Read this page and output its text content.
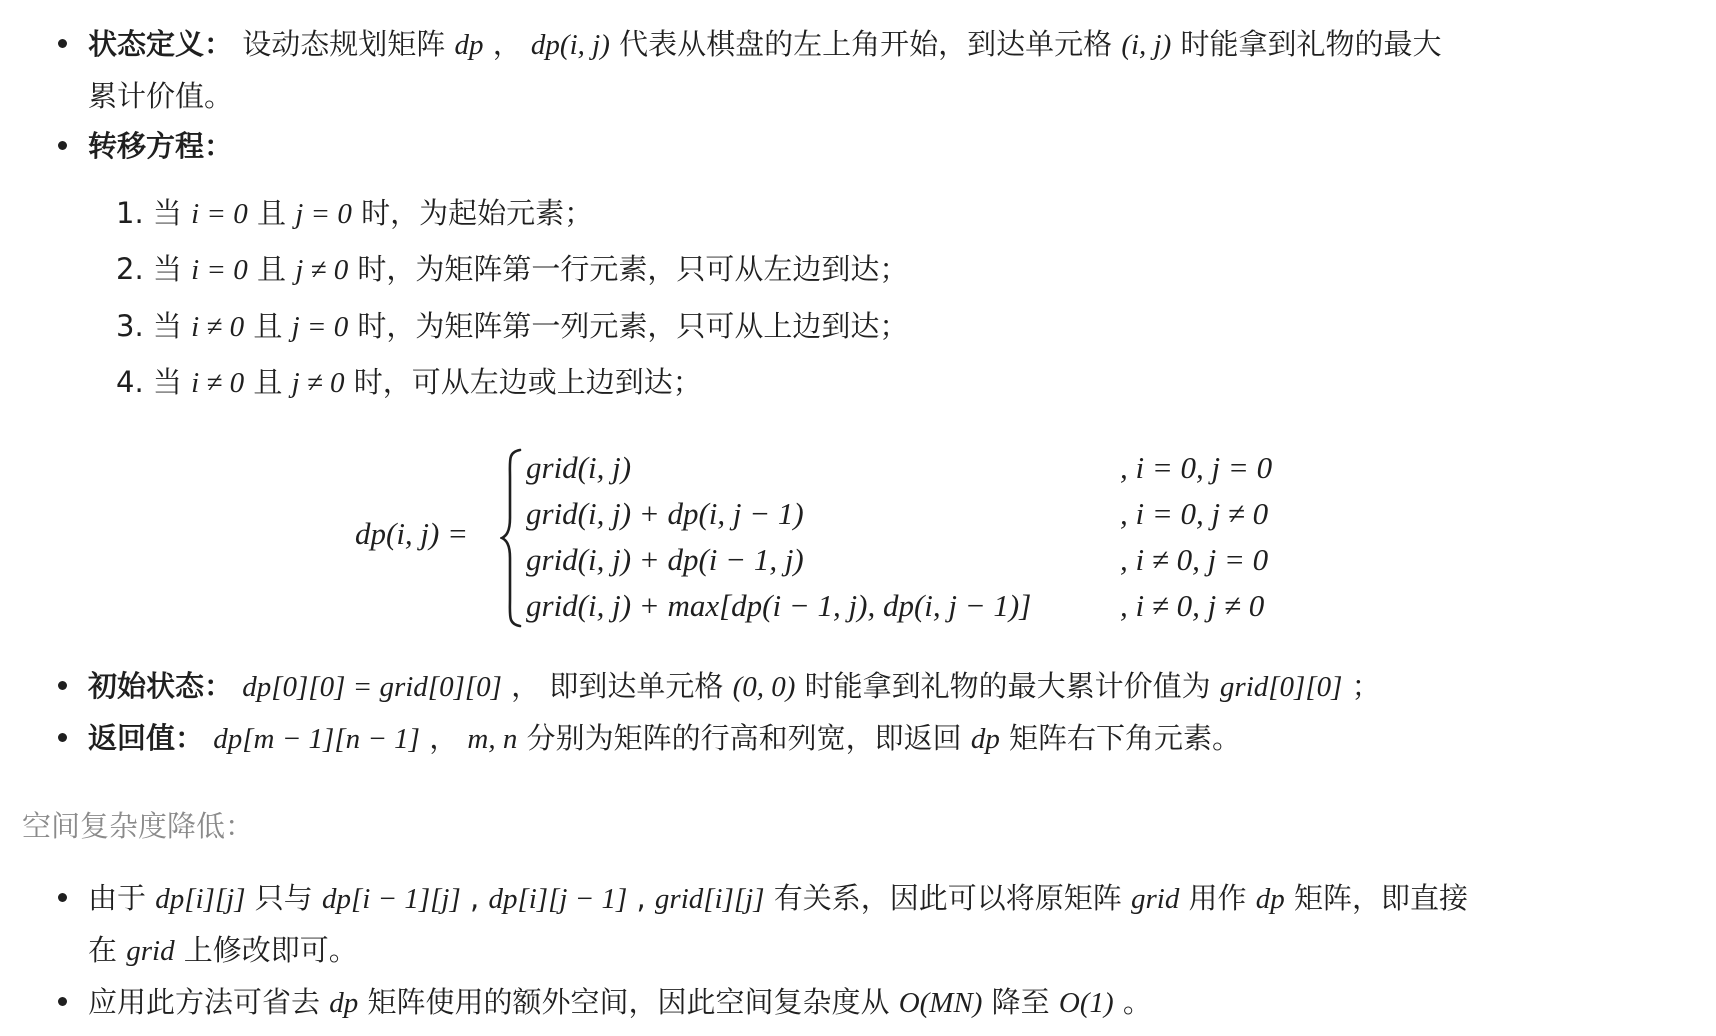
状态定义： 设动态规划矩阵 dp ， dp(i, j) 代表从棋盘的左上角开始，到达单元格 (i, j) 时能拿到礼物的最大
累计价值。
转移方程：
1. 当 i = 0 且 j = 0 时，为起始元素；
2. 当 i = 0 且 j ≠ 0 时，为矩阵第一行元素，只可从左边到达；
3. 当 i ≠ 0 且 j = 0 时，为矩阵第一列元素，只可从上边到达；
4. 当 i ≠ 0 且 j ≠ 0 时，可从左边或上边到达；
dp(i, j) =
grid(i, j)	, i = 0, j = 0
grid(i, j) + dp(i, j − 1)	, i = 0, j ≠ 0
grid(i, j) + dp(i − 1, j)	, i ≠ 0, j = 0
grid(i, j) + max[dp(i − 1, j), dp(i, j − 1)]	, i ≠ 0, j ≠ 0
初始状态： dp[0][0] = grid[0][0] ， 即到达单元格 (0, 0) 时能拿到礼物的最大累计价值为 grid[0][0] ；
返回值： dp[m − 1][n − 1] ， m, n 分别为矩阵的行高和列宽，即返回 dp 矩阵右下角元素。
空间复杂度降低：
由于 dp[i][j] 只与 dp[i − 1][j] , dp[i][j − 1] , grid[i][j] 有关系，因此可以将原矩阵 grid 用作 dp 矩阵，即直接
在 grid 上修改即可。
应用此方法可省去 dp 矩阵使用的额外空间，因此空间复杂度从 O(MN) 降至 O(1) 。
